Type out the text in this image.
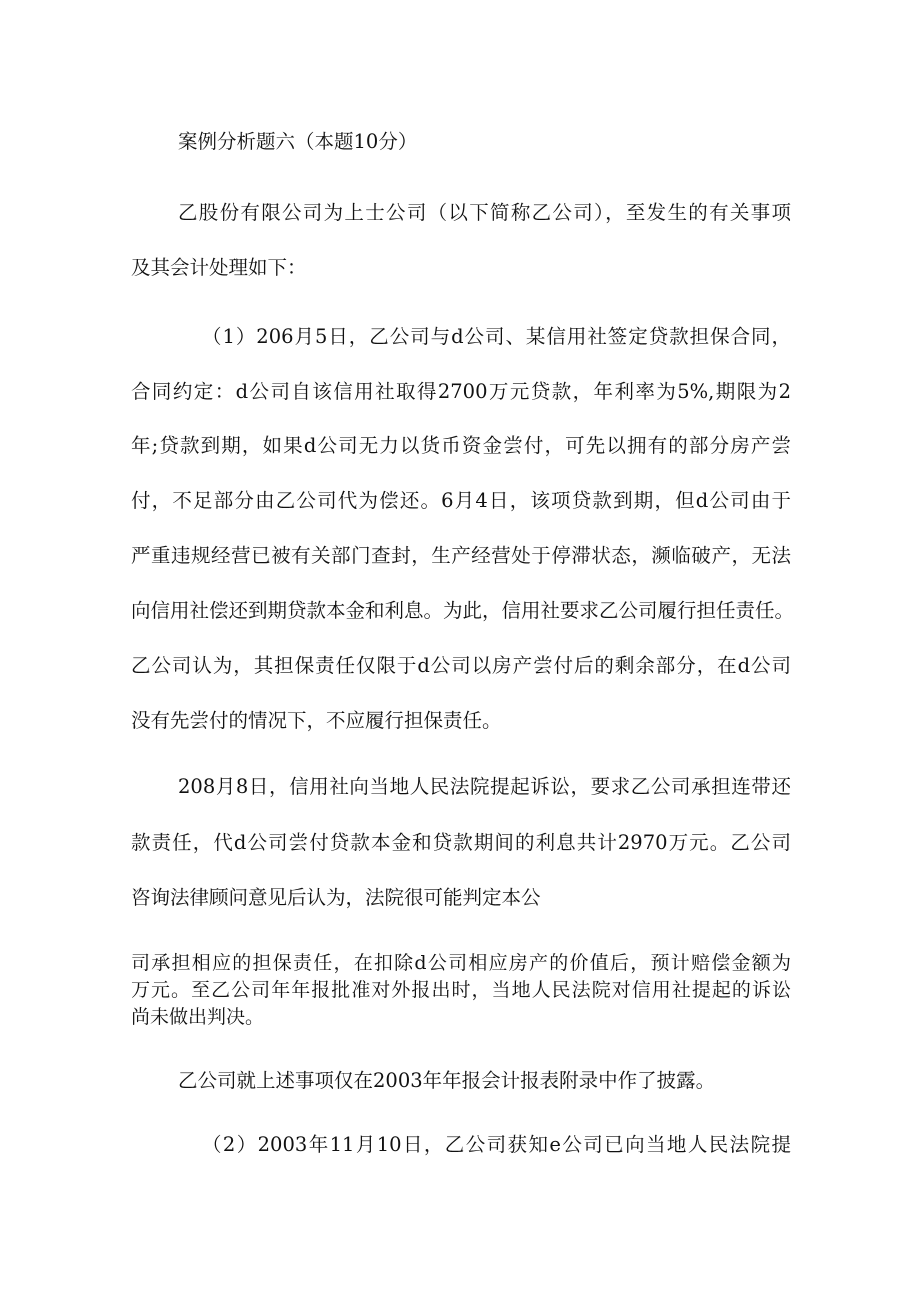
案例分析题六（本题10分）
乙股份有限公司为上士公司（以下简称乙公司），至发生的有关事项
及其会计处理如下：
（1）206月5日，乙公司与d公司、某信用社签定贷款担保合同，
合同约定：d公司自该信用社取得2700万元贷款，年利率为5%,期限为2
年;贷款到期，如果d公司无力以货币资金尝付，可先以拥有的部分房产尝
付，不足部分由乙公司代为偿还。6月4日，该项贷款到期，但d公司由于
严重违规经营已被有关部门查封，生产经营处于停滞状态，濒临破产，无法
向信用社偿还到期贷款本金和利息。为此，信用社要求乙公司履行担任责任。
乙公司认为，其担保责任仅限于d公司以房产尝付后的剩余部分，在d公司
没有先尝付的情况下，不应履行担保责任。
208月8日，信用社向当地人民法院提起诉讼，要求乙公司承担连带还
款责任，代d公司尝付贷款本金和贷款期间的利息共计2970万元。乙公司
咨询法律顾问意见后认为，法院很可能判定本公
司承担相应的担保责任，在扣除d公司相应房产的价值后，预计赔偿金额为
万元。至乙公司年年报批准对外报出时，当地人民法院对信用社提起的诉讼
尚未做出判决。
乙公司就上述事项仅在2003年年报会计报表附录中作了披露。
（2）2003年11月10日，乙公司获知e公司已向当地人民法院提
